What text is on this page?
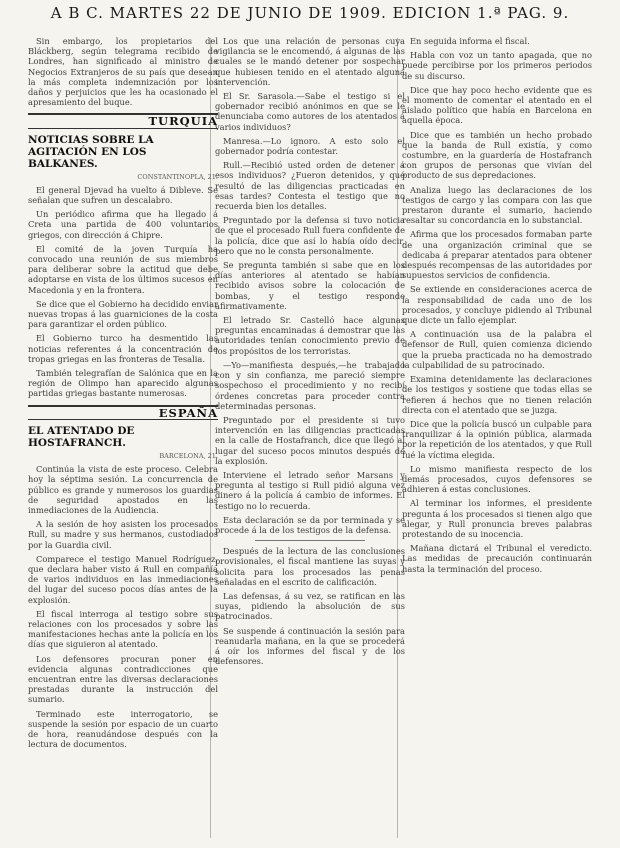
A B C. MARTES 22 DE JUNIO DE 1909. EDICION 1.ª PAG. 9.

Sin embargo, los propietarios del Bláckberg, según telegrama recibido de Londres, han significado al ministro de Negocios Extranjeros de su país que desean la más completa indemnización por los daños y perjuicios que les ha ocasionado el apresamiento del buque.

TURQUIA
NOTICIAS SOBRE LA AGITACIÓN EN LOS BALKANES.
CONSTANTINOPLA, 21.

El general Djevad ha vuelto á Dibleve. Se señalan que sufren un descalabro.

Un periódico afirma que ha llegado á Creta una partida de 400 voluntarios griegos, con dirección á Chipre.

El comité de la joven Turquía ha convocado una reunión de sus miembros para deliberar sobre la actitud que debe adoptarse en vista de los últimos sucesos en Macedonia y en la frontera.

Se dice que el Gobierno ha decidido enviar nuevas tropas á las guarniciones de la costa para garantizar el orden público.

El Gobierno turco ha desmentido las noticias referentes á la concentración de tropas griegas en las fronteras de Tesalia.

También telegrafían de Salónica que en la región de Olimpo han aparecido algunas partidas griegas bastante numerosas.

ESPAÑA
EL ATENTADO DE HOSTAFRANCH.
BARCELONA, 21.

Continúa la vista de este proceso. Celebra hoy la séptima sesión. La concurrencia de público es grande y numerosos los guardias de seguridad apostados en las inmediaciones de la Audiencia.

A la sesión de hoy asisten los procesados Rull, su madre y sus hermanos, custodiados por la Guardia civil.

Comparece el testigo Manuel Rodríguez, que declara haber visto á Rull en compañía de varios individuos en las inmediaciones del lugar del suceso pocos días antes de la explosión.

El fiscal interroga al testigo sobre sus relaciones con los procesados y sobre las manifestaciones hechas ante la policía en los días que siguieron al atentado.

Los defensores procuran poner en evidencia algunas contradicciones que encuentran entre las diversas declaraciones prestadas durante la instrucción del sumario.

Terminado este interrogatorio, se suspende la sesión por espacio de un cuarto de hora, reanudándose después con la lectura de documentos.

Los que una relación de personas cuya vigilancia se le encomendó, á algunas de las cuales se le mandó detener por sospechar que hubiesen tenido en el atentado alguna intervención.

El Sr. Sarasola.—Sabe el testigo si el gobernador recibió anónimos en que se le denunciaba como autores de los atentados á varios individuos?

Manresa.—Lo ignoro. A esto solo el gobernador podría contestar.

Rull.—Recibió usted orden de detener á esos individuos? ¿Fueron detenidos, y qué resultó de las diligencias practicadas en esas tardes? Contesta el testigo que no recuerda bien los detalles.

Preguntado por la defensa si tuvo noticia de que el procesado Rull fuera confidente de la policía, dice que así lo había oído decir, pero que no le consta personalmente.

Se pregunta también si sabe que en los días anteriores al atentado se habían recibido avisos sobre la colocación de bombas, y el testigo responde afirmativamente.

El letrado Sr. Castelló hace algunas preguntas encaminadas á demostrar que las autoridades tenían conocimiento previo de los propósitos de los terroristas.

—Yo—manifiesta después,—he trabajado con y sin confianza, me pareció siempre sospechoso el procedimiento y no recibí órdenes concretas para proceder contra determinadas personas.

Preguntado por el presidente si tuvo intervención en las diligencias practicadas en la calle de Hostafranch, dice que llegó al lugar del suceso pocos minutos después de la explosión.

Interviene el letrado señor Marsans y pregunta al testigo si Rull pidió alguna vez dinero á la policía á cambio de informes. El testigo no lo recuerda.

Esta declaración se da por terminada y se procede á la de los testigos de la defensa.

Después de la lectura de las conclusiones provisionales, el fiscal mantiene las suyas y solicita para los procesados las penas señaladas en el escrito de calificación.

Las defensas, á su vez, se ratifican en las suyas, pidiendo la absolución de sus patrocinados.

Se suspende á continuación la sesión para reanudarla mañana, en la que se procederá á oír los informes del fiscal y de los defensores.

En seguida informa el fiscal.

Habla con voz un tanto apagada, que no puede percibirse por los primeros periodos de su discurso.

Dice que hay poco hecho evidente que es el momento de comentar el atentado en el aislado político que había en Barcelona en aquella época.

Dice que es también un hecho probado que la banda de Rull existía, y como costumbre, en la guardería de Hostafranch con grupos de personas que vivían del producto de sus depredaciones.

Analiza luego las declaraciones de los testigos de cargo y las compara con las que prestaron durante el sumario, haciendo resaltar su concordancia en lo substancial.

Afirma que los procesados formaban parte de una organización criminal que se dedicaba á preparar atentados para obtener después recompensas de las autoridades por supuestos servicios de confidencia.

Se extiende en consideraciones acerca de la responsabilidad de cada uno de los procesados, y concluye pidiendo al Tribunal que dicte un fallo ejemplar.

A continuación usa de la palabra el defensor de Rull, quien comienza diciendo que la prueba practicada no ha demostrado la culpabilidad de su patrocinado.

Examina detenidamente las declaraciones de los testigos y sostiene que todas ellas se refieren á hechos que no tienen relación directa con el atentado que se juzga.

Dice que la policía buscó un culpable para tranquilizar á la opinión pública, alarmada por la repetición de los atentados, y que Rull fué la víctima elegida.

Lo mismo manifiesta respecto de los demás procesados, cuyos defensores se adhieren á estas conclusiones.

Al terminar los informes, el presidente pregunta á los procesados si tienen algo que alegar, y Rull pronuncia breves palabras protestando de su inocencia.

Mañana dictará el Tribunal el veredicto. Las medidas de precaución continuarán hasta la terminación del proceso.
